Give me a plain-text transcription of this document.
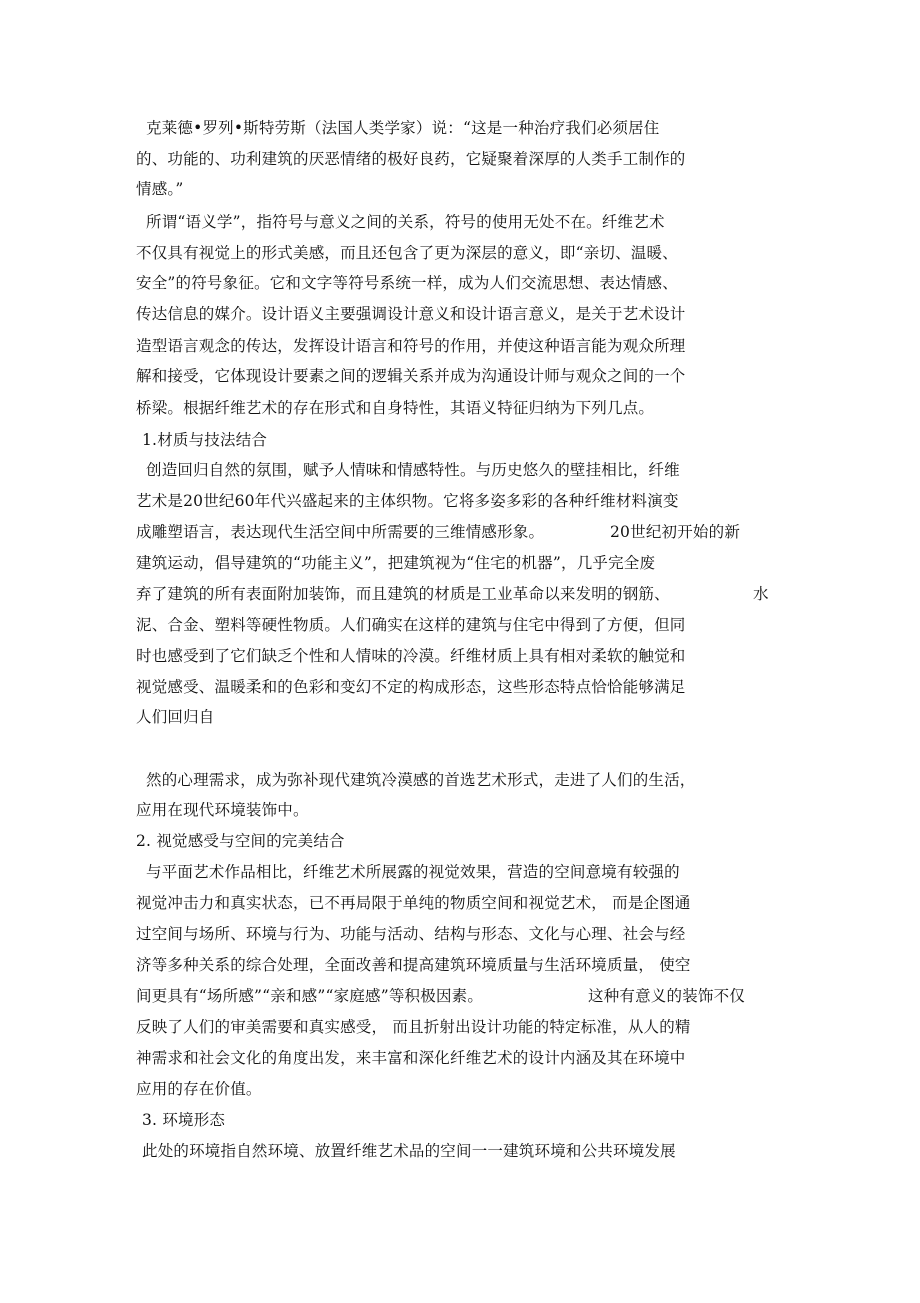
克莱德•罗列•斯特劳斯（法国人类学家）说：“这是一种治疗我们必须居住
的、功能的、功利建筑的厌恶情绪的极好良药，它疑聚着深厚的人类手工制作的
情感。”
所谓“语义学”，指符号与意义之间的关系，符号的使用无处不在。纤维艺术
不仅具有视觉上的形式美感，而且还包含了更为深层的意义，即“亲切、温暖、
安全”的符号象征。它和文字等符号系统一样，成为人们交流思想、表达情感、
传达信息的媒介。设计语义主要强调设计意义和设计语言意义，是关于艺术设计
造型语言观念的传达，发挥设计语言和符号的作用，并使这种语言能为观众所理
解和接受，它体现设计要素之间的逻辑关系并成为沟通设计师与观众之间的一个
桥梁。根据纤维艺术的存在形式和自身特性，其语义特征归纳为下列几点。
1.材质与技法结合
创造回归自然的氛围，赋予人情味和情感特性。与历史悠久的壁挂相比，纤维
艺术是20世纪60年代兴盛起来的主体织物。它将多姿多彩的各种纤维材料演变
成雕塑语言，表达现代生活空间中所需要的三维情感形象。	20世纪初开始的新
建筑运动，倡导建筑的“功能主义”，把建筑视为“住宅的机器”，几乎完全废
弃了建筑的所有表面附加装饰，而且建筑的材质是工业革命以来发明的钢筋、	水
泥、合金、塑料等硬性物质。人们确实在这样的建筑与住宅中得到了方便，但同
时也感受到了它们缺乏个性和人情味的冷漠。纤维材质上具有相对柔软的触觉和
视觉感受、温暖柔和的色彩和变幻不定的构成形态，这些形态特点恰恰能够满足
人们回归自
然的心理需求，成为弥补现代建筑冷漠感的首选艺术形式，走进了人们的生活，
应用在现代环境装饰中。
2. 视觉感受与空间的完美结合
与平面艺术作品相比，纤维艺术所展露的视觉效果，营造的空间意境有较强的
视觉冲击力和真实状态，已不再局限于单纯的物质空间和视觉艺术， 而是企图通
过空间与场所、环境与行为、功能与活动、结构与形态、文化与心理、社会与经
济等多种关系的综合处理，全面改善和提高建筑环境质量与生活环境质量， 使空
间更具有“场所感”“亲和感”“家庭感”等积极因素。	这种有意义的装饰不仅
反映了人们的审美需要和真实感受， 而且折射出设计功能的特定标准，从人的精
神需求和社会文化的角度出发，来丰富和深化纤维艺术的设计内涵及其在环境中
应用的存在价值。
3. 环境形态
此处的环境指自然环境、放置纤维艺术品的空间一一建筑环境和公共环境发展
